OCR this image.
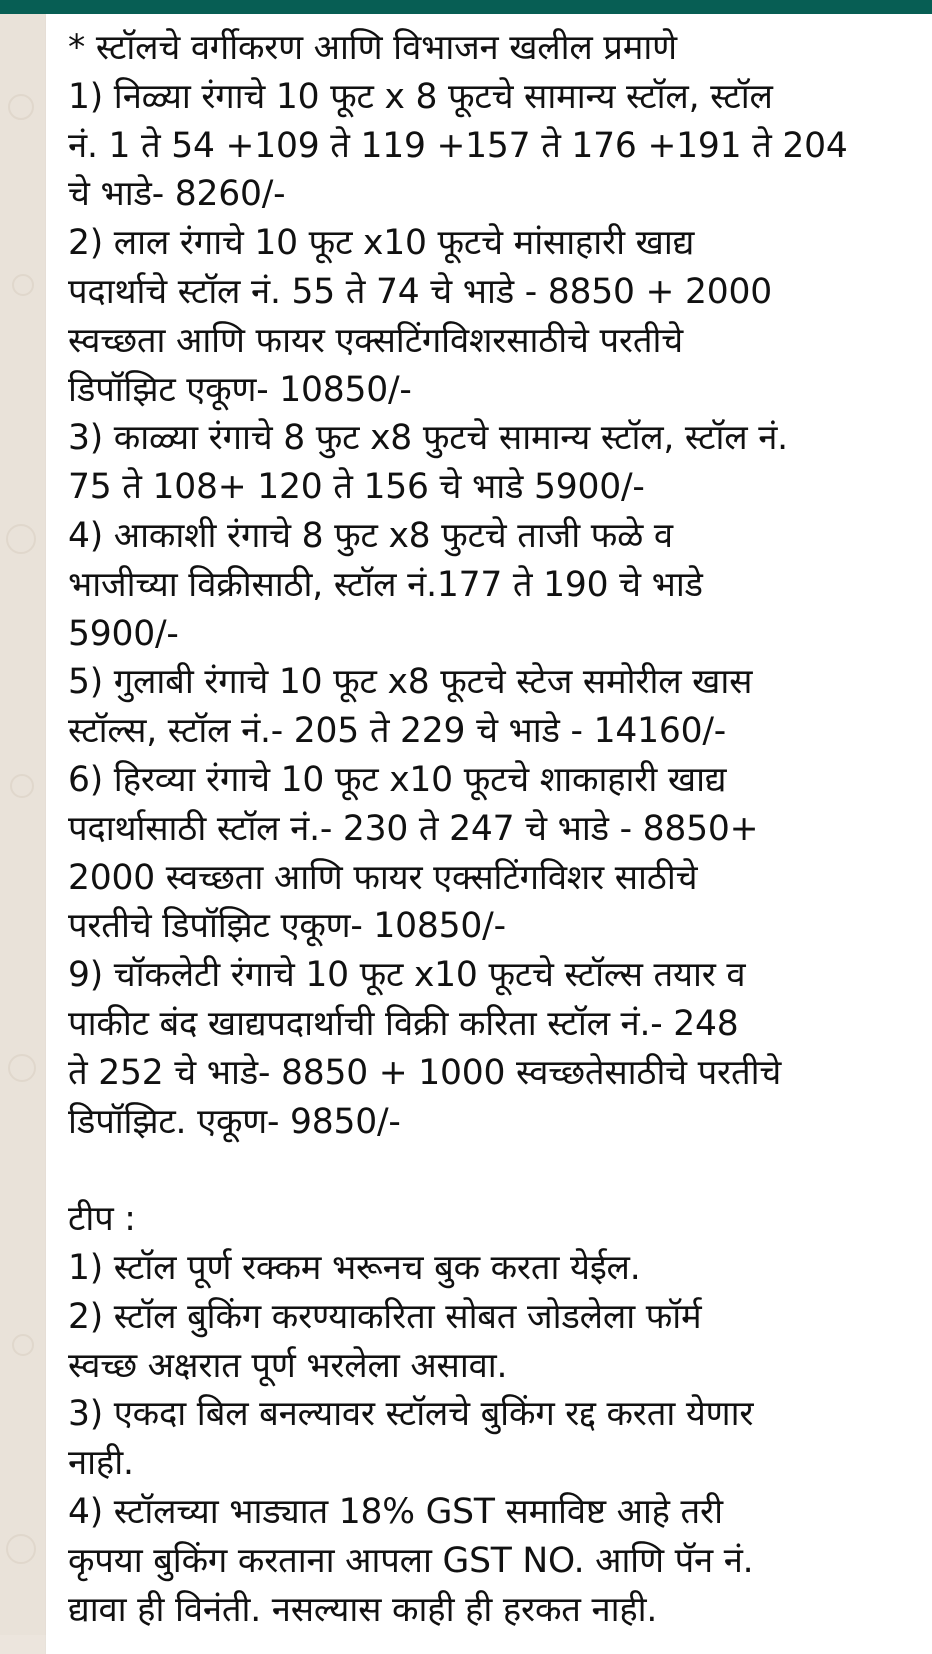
* स्टॉलचे वर्गीकरण आणि विभाजन खलील प्रमाणे
1) निळ्या रंगाचे 10 फूट x 8 फूटचे सामान्य स्टॉल, स्टॉल
नं. 1 ते 54 +109 ते 119 +157 ते 176 +191 ते 204
चे भाडे- 8260/-
2) लाल रंगाचे 10 फूट x10 फूटचे मांसाहारी खाद्य
पदार्थाचे स्टॉल नं. 55 ते 74 चे भाडे - 8850 + 2000
स्वच्छता आणि फायर एक्सटिंगविशरसाठीचे परतीचे
डिपॉझिट एकूण- 10850/-
3) काळ्या रंगाचे 8 फुट x8 फुटचे सामान्य स्टॉल, स्टॉल नं.
75 ते 108+ 120 ते 156 चे भाडे 5900/-
4) आकाशी रंगाचे 8 फुट x8 फुटचे ताजी फळे व
भाजीच्या विक्रीसाठी, स्टॉल नं.177 ते 190 चे भाडे
5900/-
5) गुलाबी रंगाचे 10 फूट x8 फूटचे स्टेज समोरील खास
स्टॉल्स, स्टॉल नं.- 205 ते 229 चे भाडे - 14160/-
6) हिरव्या रंगाचे 10 फूट x10 फूटचे शाकाहारी खाद्य
पदार्थासाठी स्टॉल नं.- 230 ते 247 चे भाडे - 8850+
2000 स्वच्छता आणि फायर एक्सटिंगविशर साठीचे
परतीचे डिपॉझिट एकूण- 10850/-
9) चॉकलेटी रंगाचे 10 फूट x10 फूटचे स्टॉल्स तयार व
पाकीट बंद खाद्यपदार्थाची विक्री करिता स्टॉल नं.- 248
ते 252 चे भाडे- 8850 + 1000 स्वच्छतेसाठीचे परतीचे
डिपॉझिट. एकूण- 9850/-
टीप :
1) स्टॉल पूर्ण रक्कम भरूनच बुक करता येईल.
2) स्टॉल बुकिंग करण्याकरिता सोबत जोडलेला फॉर्म
स्वच्छ अक्षरात पूर्ण भरलेला असावा.
3) एकदा बिल बनल्यावर स्टॉलचे बुकिंग रद्द करता येणार
नाही.
4) स्टॉलच्या भाड्यात 18% GST समाविष्ट आहे तरी
कृपया बुकिंग करताना आपला GST NO. आणि पॅन नं.
द्यावा ही विनंती. नसल्यास काही ही हरकत नाही.
